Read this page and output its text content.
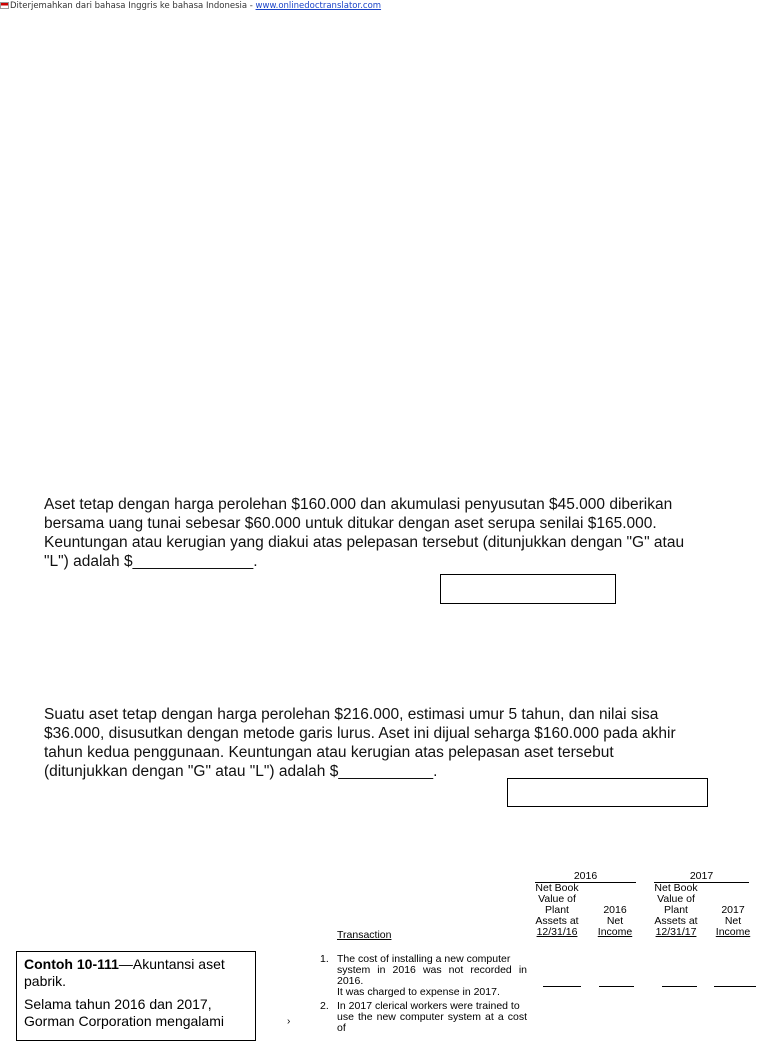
Diterjemahkan dari bahasa Inggris ke bahasa Indonesia - www.onlinedoctranslator.com
Aset tetap dengan harga perolehan $160.000 dan akumulasi penyusutan $45.000 diberikan
bersama uang tunai sebesar $60.000 untuk ditukar dengan aset serupa senilai $165.000.
Keuntungan atau kerugian yang diakui atas pelepasan tersebut (ditunjukkan dengan "G" atau
"L") adalah $______________.
Suatu aset tetap dengan harga perolehan $216.000, estimasi umur 5 tahun, dan nilai sisa
$36.000, disusutkan dengan metode garis lurus. Aset ini dijual seharga $160.000 pada akhir
tahun kedua penggunaan. Keuntungan atau kerugian atas pelepasan aset tersebut
(ditunjukkan dengan "G" atau "L") adalah $___________.
2016	2017
Net Book
Value of
Plant
Assets at
12/31/16
2016
Net
Income
Net Book
Value of
Plant
Assets at
12/31/17
2017
Net
Income
Transaction
1. The cost of installing a new computer
system in 2016 was not recorded in 2016.
It was charged to expense in 2017.
2. In 2017 clerical workers were trained to
use the new computer system at a cost of
›

Contoh 10-111—Akuntansi aset pabrik.

Selama tahun 2016 dan 2017, Gorman Corporation mengalami
